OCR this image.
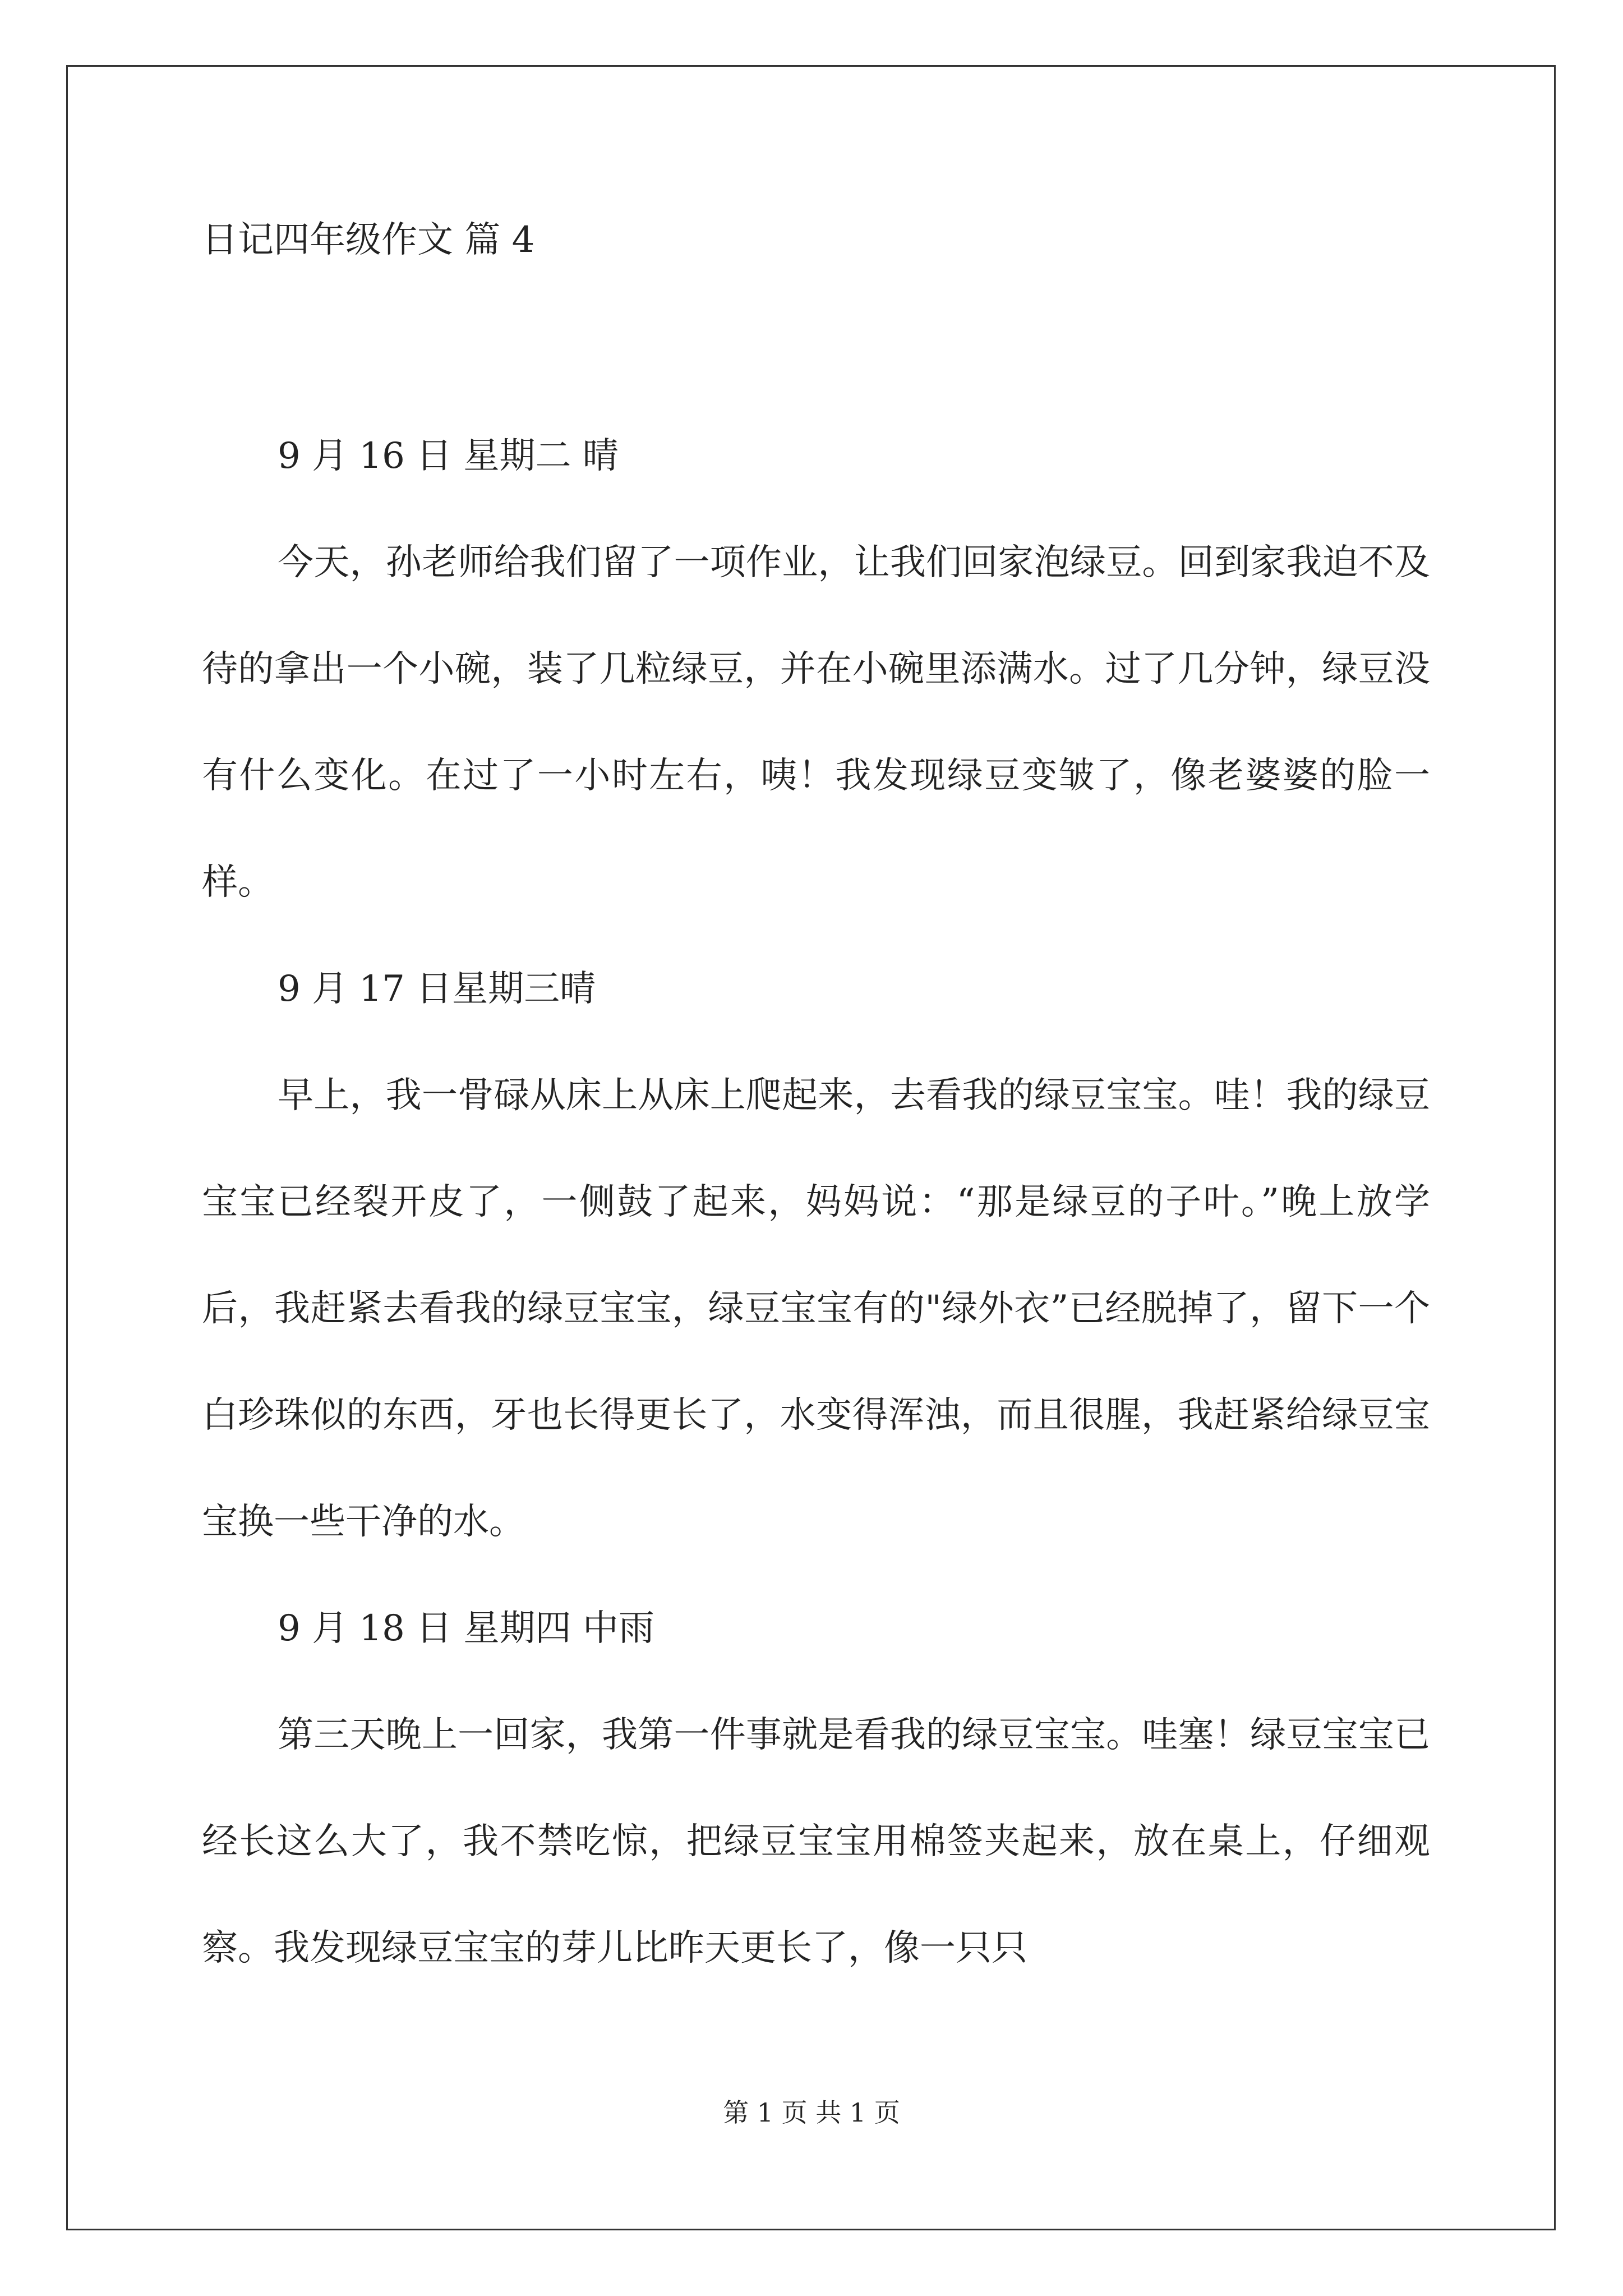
日记四年级作文 篇 4
9 月 16 日 星期二 晴

今天，孙老师给我们留了一项作业，让我们回家泡绿豆。回到家我迫不及待的拿出一个小碗，装了几粒绿豆，并在小碗里添满水。过了几分钟，绿豆没有什么变化。在过了一小时左右，咦！我发现绿豆变皱了，像老婆婆的脸一样。

9 月 17 日星期三晴

早上，我一骨碌从床上从床上爬起来，去看我的绿豆宝宝。哇！我的绿豆宝宝已经裂开皮了，一侧鼓了起来，妈妈说：“那是绿豆的子叶。”晚上放学后，我赶紧去看我的绿豆宝宝，绿豆宝宝有的"绿外衣”已经脱掉了，留下一个白珍珠似的东西，牙也长得更长了，水变得浑浊，而且很腥，我赶紧给绿豆宝宝换一些干净的水。

9 月 18 日 星期四 中雨

第三天晚上一回家，我第一件事就是看我的绿豆宝宝。哇塞！绿豆宝宝已经长这么大了，我不禁吃惊，把绿豆宝宝用棉签夹起来，放在桌上，仔细观察。我发现绿豆宝宝的芽儿比昨天更长了，像一只只

第 1 页 共 1 页
